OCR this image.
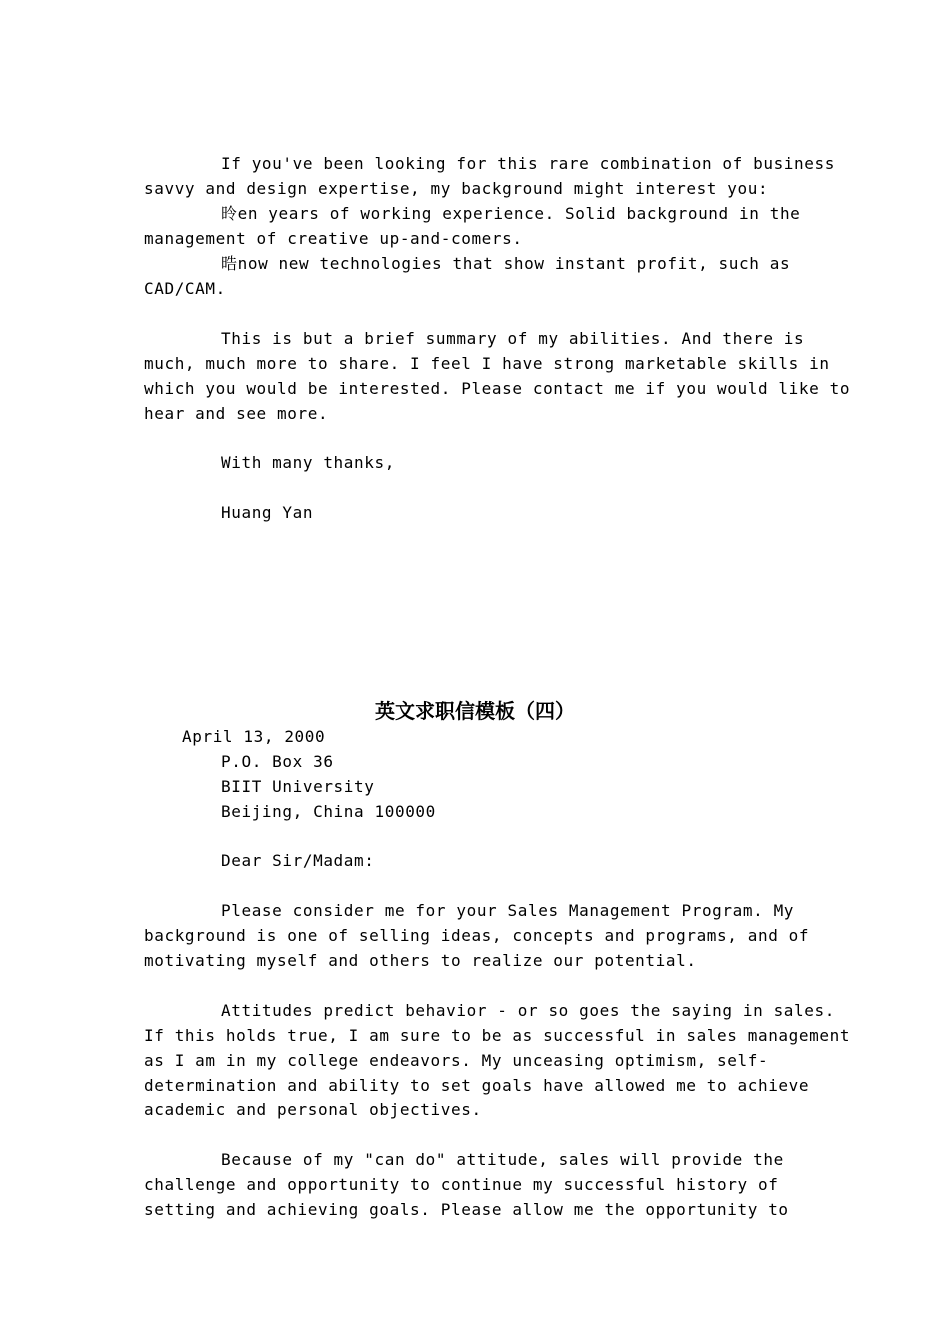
If you've been looking for this rare combination of business
savvy and design expertise, my background might interest you:
昤en years of working experience. Solid background in the
management of creative up-and-comers.
晧now new technologies that show instant profit, such as
CAD/CAM.
This is but a brief summary of my abilities. And there is
much, much more to share. I feel I have strong marketable skills in
which you would be interested. Please contact me if you would like to
hear and see more.
With many thanks,
Huang Yan
英文求职信模板（四）
April 13, 2000
P.O. Box 36
BIIT University
Beijing, China 100000
Dear Sir/Madam:
Please consider me for your Sales Management Program. My
background is one of selling ideas, concepts and programs, and of
motivating myself and others to realize our potential.
Attitudes predict behavior - or so goes the saying in sales.
If this holds true, I am sure to be as successful in sales management
as I am in my college endeavors. My unceasing optimism, self-
determination and ability to set goals have allowed me to achieve
academic and personal objectives.
Because of my "can do" attitude, sales will provide the
challenge and opportunity to continue my successful history of
setting and achieving goals. Please allow me the opportunity to
